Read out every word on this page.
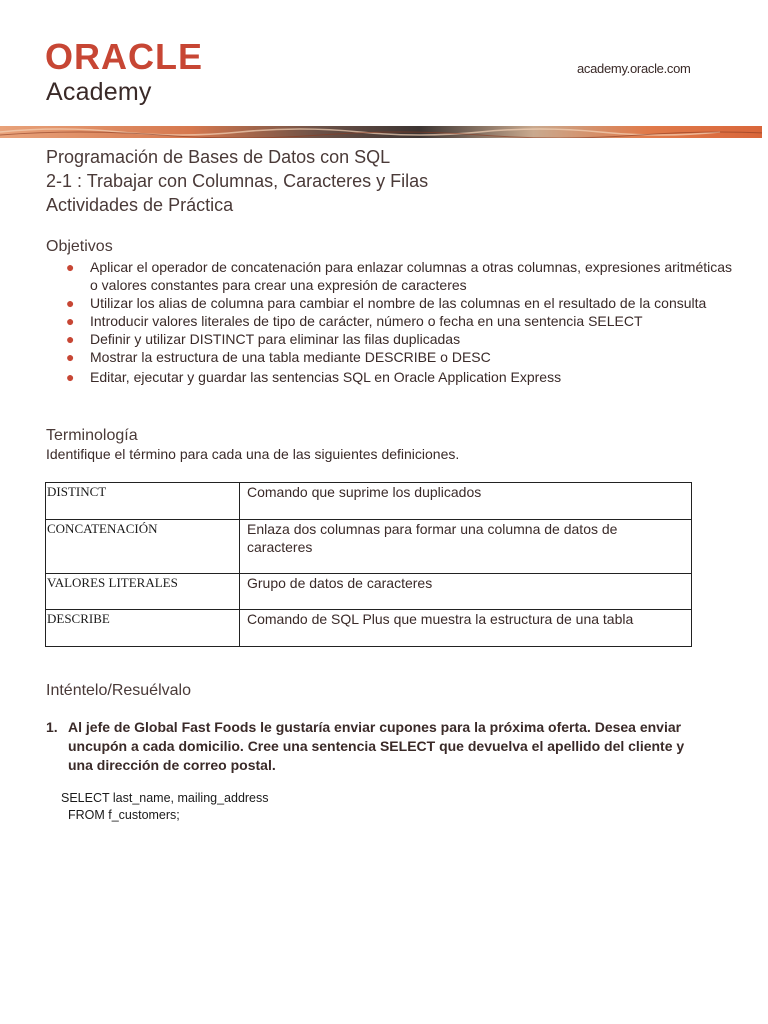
ORACLE
Academy
academy.oracle.com
Programación de Bases de Datos con SQL
2-1 : Trabajar con Columnas, Caracteres y Filas
Actividades de Práctica
Objetivos
● Aplicar el operador de concatenación para enlazar columnas a otras columnas, expresiones aritméticas o valores constantes para crear una expresión de caracteres
● Utilizar los alias de columna para cambiar el nombre de las columnas en el resultado de la consulta
● Introducir valores literales de tipo de carácter, número o fecha en una sentencia SELECT
● Definir y utilizar DISTINCT para eliminar las filas duplicadas
● Mostrar la estructura de una tabla mediante DESCRIBE o DESC
● Editar, ejecutar y guardar las sentencias SQL en Oracle Application Express
Terminología
Identifique el término para cada una de las siguientes definiciones.
DISTINCT	Comando que suprime los duplicados
CONCATENACIÓN	Enlaza dos columnas para formar una columna de datos de caracteres
VALORES LITERALES	Grupo de datos de caracteres
DESCRIBE	Comando de SQL Plus que muestra la estructura de una tabla
Inténtelo/Resuélvalo
1. Al jefe de Global Fast Foods le gustaría enviar cupones para la próxima oferta. Desea enviar uncupón a cada domicilio. Cree una sentencia SELECT que devuelva el apellido del cliente y una dirección de correo postal.
SELECT last_name, mailing_address
FROM f_customers;
